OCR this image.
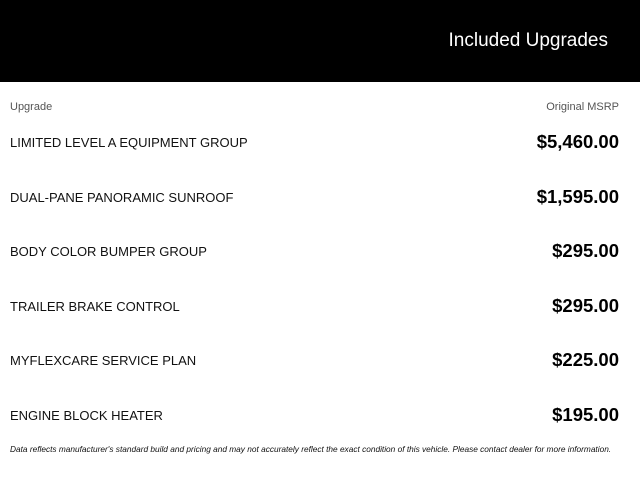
Included Upgrades
Upgrade	Original MSRP
LIMITED LEVEL A EQUIPMENT GROUP	$5,460.00
DUAL-PANE PANORAMIC SUNROOF	$1,595.00
BODY COLOR BUMPER GROUP	$295.00
TRAILER BRAKE CONTROL	$295.00
MYFLEXCARE SERVICE PLAN	$225.00
ENGINE BLOCK HEATER	$195.00
Data reflects manufacturer's standard build and pricing and may not accurately reflect the exact condition of this vehicle. Please contact dealer for more information.
